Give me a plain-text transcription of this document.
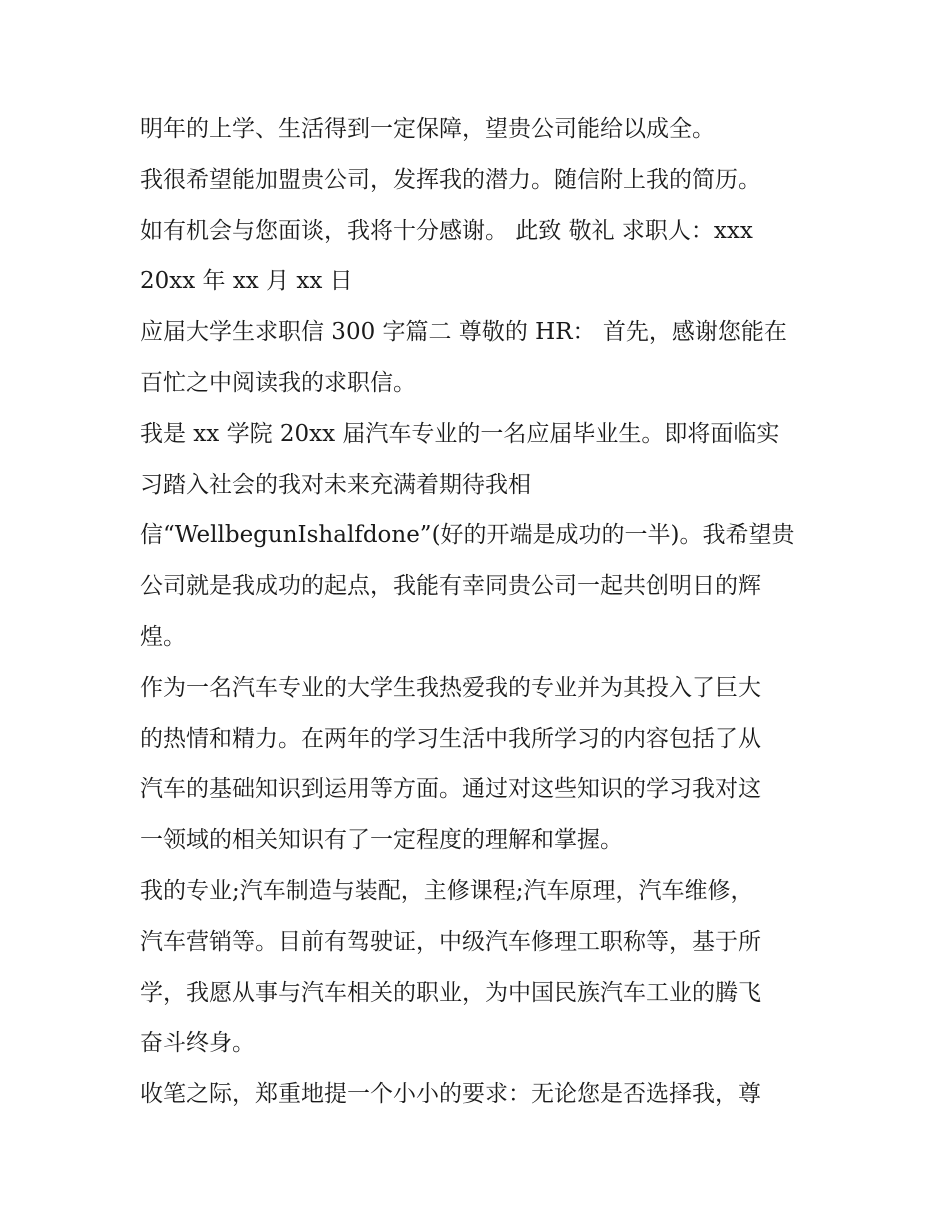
明年的上学、生活得到一定保障，望贵公司能给以成全。
我很希望能加盟贵公司，发挥我的潜力。随信附上我的简历。
如有机会与您面谈，我将十分感谢。 此致 敬礼 求职人：xxx
20xx 年 xx 月 xx 日
应届大学生求职信 300 字篇二 尊敬的 HR： 首先，感谢您能在
百忙之中阅读我的求职信。
我是 xx 学院 20xx 届汽车专业的一名应届毕业生。即将面临实
习踏入社会的我对未来充满着期待我相
信“WellbegunIshalfdone”(好的开端是成功的一半)。我希望贵
公司就是我成功的起点，我能有幸同贵公司一起共创明日的辉
煌。
作为一名汽车专业的大学生我热爱我的专业并为其投入了巨大
的热情和精力。在两年的学习生活中我所学习的内容包括了从
汽车的基础知识到运用等方面。通过对这些知识的学习我对这
一领域的相关知识有了一定程度的理解和掌握。
我的专业;汽车制造与装配，主修课程;汽车原理，汽车维修，
汽车营销等。目前有驾驶证，中级汽车修理工职称等，基于所
学，我愿从事与汽车相关的职业，为中国民族汽车工业的腾飞
奋斗终身。
收笔之际，郑重地提一个小小的要求：无论您是否选择我，尊
